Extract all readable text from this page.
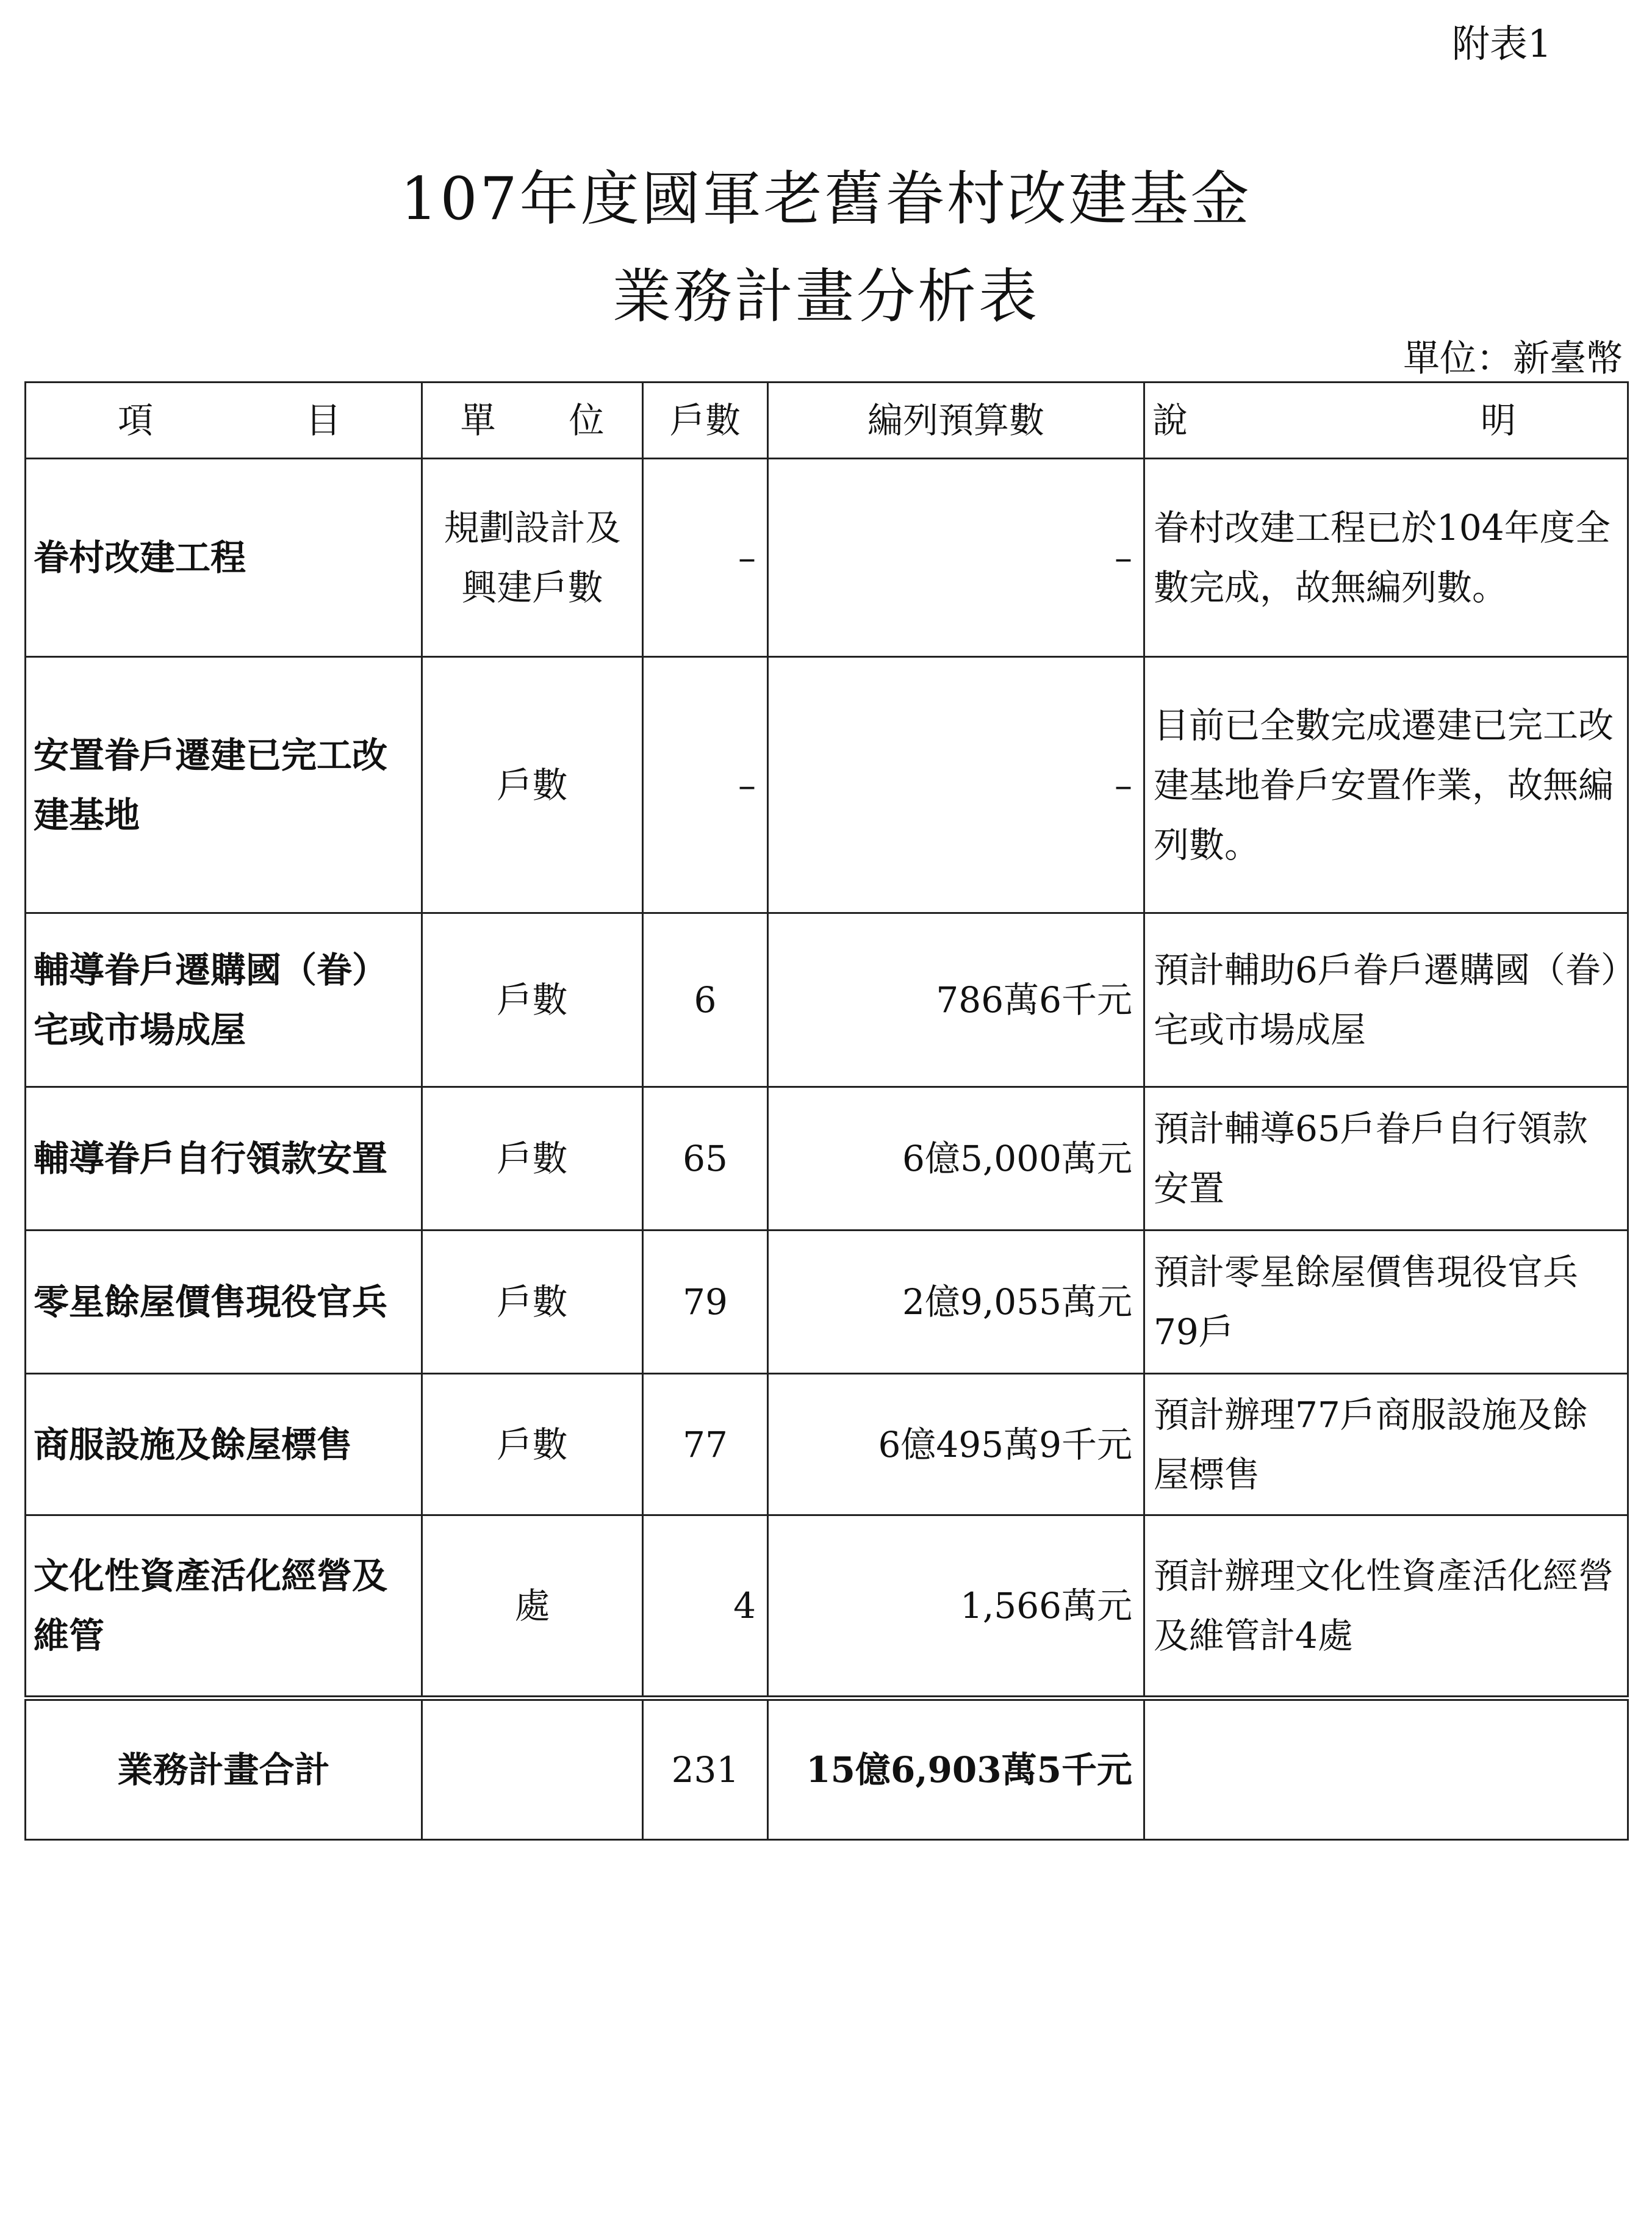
附表1
107年度國軍老舊眷村改建基金
業務計畫分析表
單位：新臺幣
項 目	單 位	戶數	編列預算數	說 明
眷村改建工程	規劃設計及興建戶數	–	–	眷村改建工程已於104年度全數完成，故無編列數。
安置眷戶遷建已完工改建基地	戶數	–	–	目前已全數完成遷建已完工改建基地眷戶安置作業，故無編列數。
輔導眷戶遷購國（眷）宅或市場成屋	戶數	6	786萬6千元	預計輔助6戶眷戶遷購國（眷）宅或市場成屋
輔導眷戶自行領款安置	戶數	65	6億5,000萬元	預計輔導65戶眷戶自行領款安置
零星餘屋價售現役官兵	戶數	79	2億9,055萬元	預計零星餘屋價售現役官兵79戶
商服設施及餘屋標售	戶數	77	6億495萬9千元	預計辦理77戶商服設施及餘屋標售
文化性資產活化經營及維管	處	4	1,566萬元	預計辦理文化性資產活化經營及維管計4處
業務計畫合計		231	15億6,903萬5千元	
